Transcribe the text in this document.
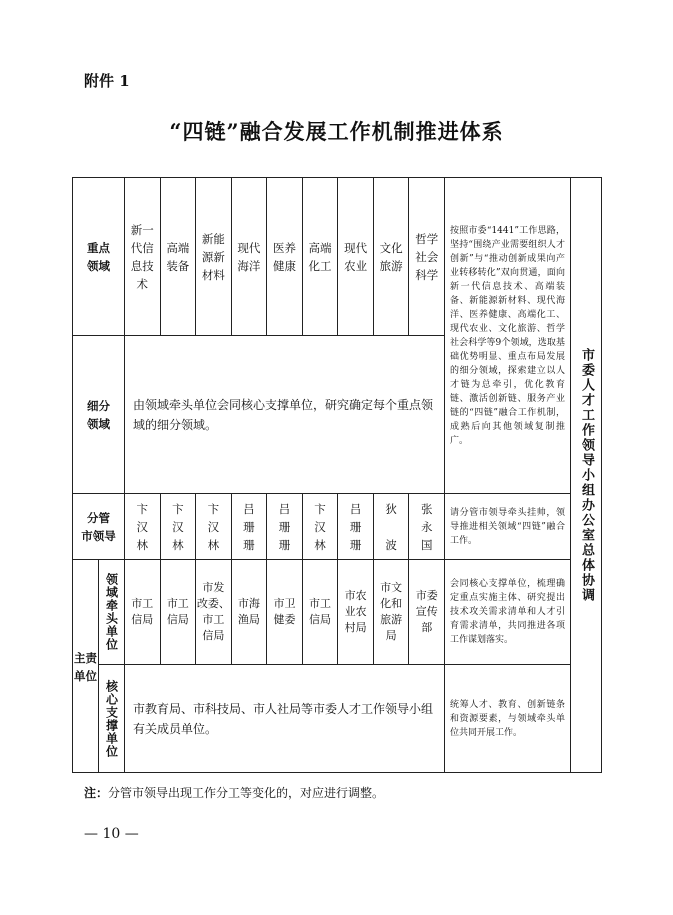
附件 1
“四链”融合发展工作机制推进体系
重点
领域
细分
领域
分管
市领导
主责
单位
领域牵头单位
核心支撑单位
新一
代信
息技
术
卞
汉
林
市工
信局
高端
装备
卞
汉
林
市工
信局
新能
源新
材料
卞
汉
林
市发
改委、
市工
信局
现代
海洋
吕
珊
珊
市海
渔局
医养
健康
吕
珊
珊
市卫
健委
高端
化工
卞
汉
林
市工
信局
现代
农业
吕
珊
珊
市农
业农
村局
文化
旅游
狄

波
市文
化和
旅游
局
哲学
社会
科学
张
永
国
市委
宣传
部
由领域牵头单位会同核心支撑单位，研究确定每个重点领域的细分领域。
市教育局、市科技局、市人社局等市委人才工作领导小组有关成员单位。
按照市委“1441”工作思路，坚持“围绕产业需要组织人才创新”与“推动创新成果向产业转移转化”双向贯通，面向新一代信息技术、高端装备、新能源新材料、现代海洋、医养健康、高端化工、现代农业、文化旅游、哲学社会科学等9个领域，选取基础优势明显、重点布局发展的细分领域，探索建立以人才链为总牵引，优化教育链、激活创新链、服务产业链的“四链”融合工作机制，成熟后向其他领域复制推广。
请分管市领导牵头挂帅，领导推进相关领域“四链”融合工作。
会同核心支撑单位，梳理确定重点实施主体、研究提出技术攻关需求清单和人才引育需求清单，共同推进各项工作谋划落实。
统筹人才、教育、创新链条和资源要素，与领域牵头单位共同开展工作。
市委人才工作领导小组办公室总体协调
注：分管市领导出现工作分工等变化的，对应进行调整。
— 10 —
